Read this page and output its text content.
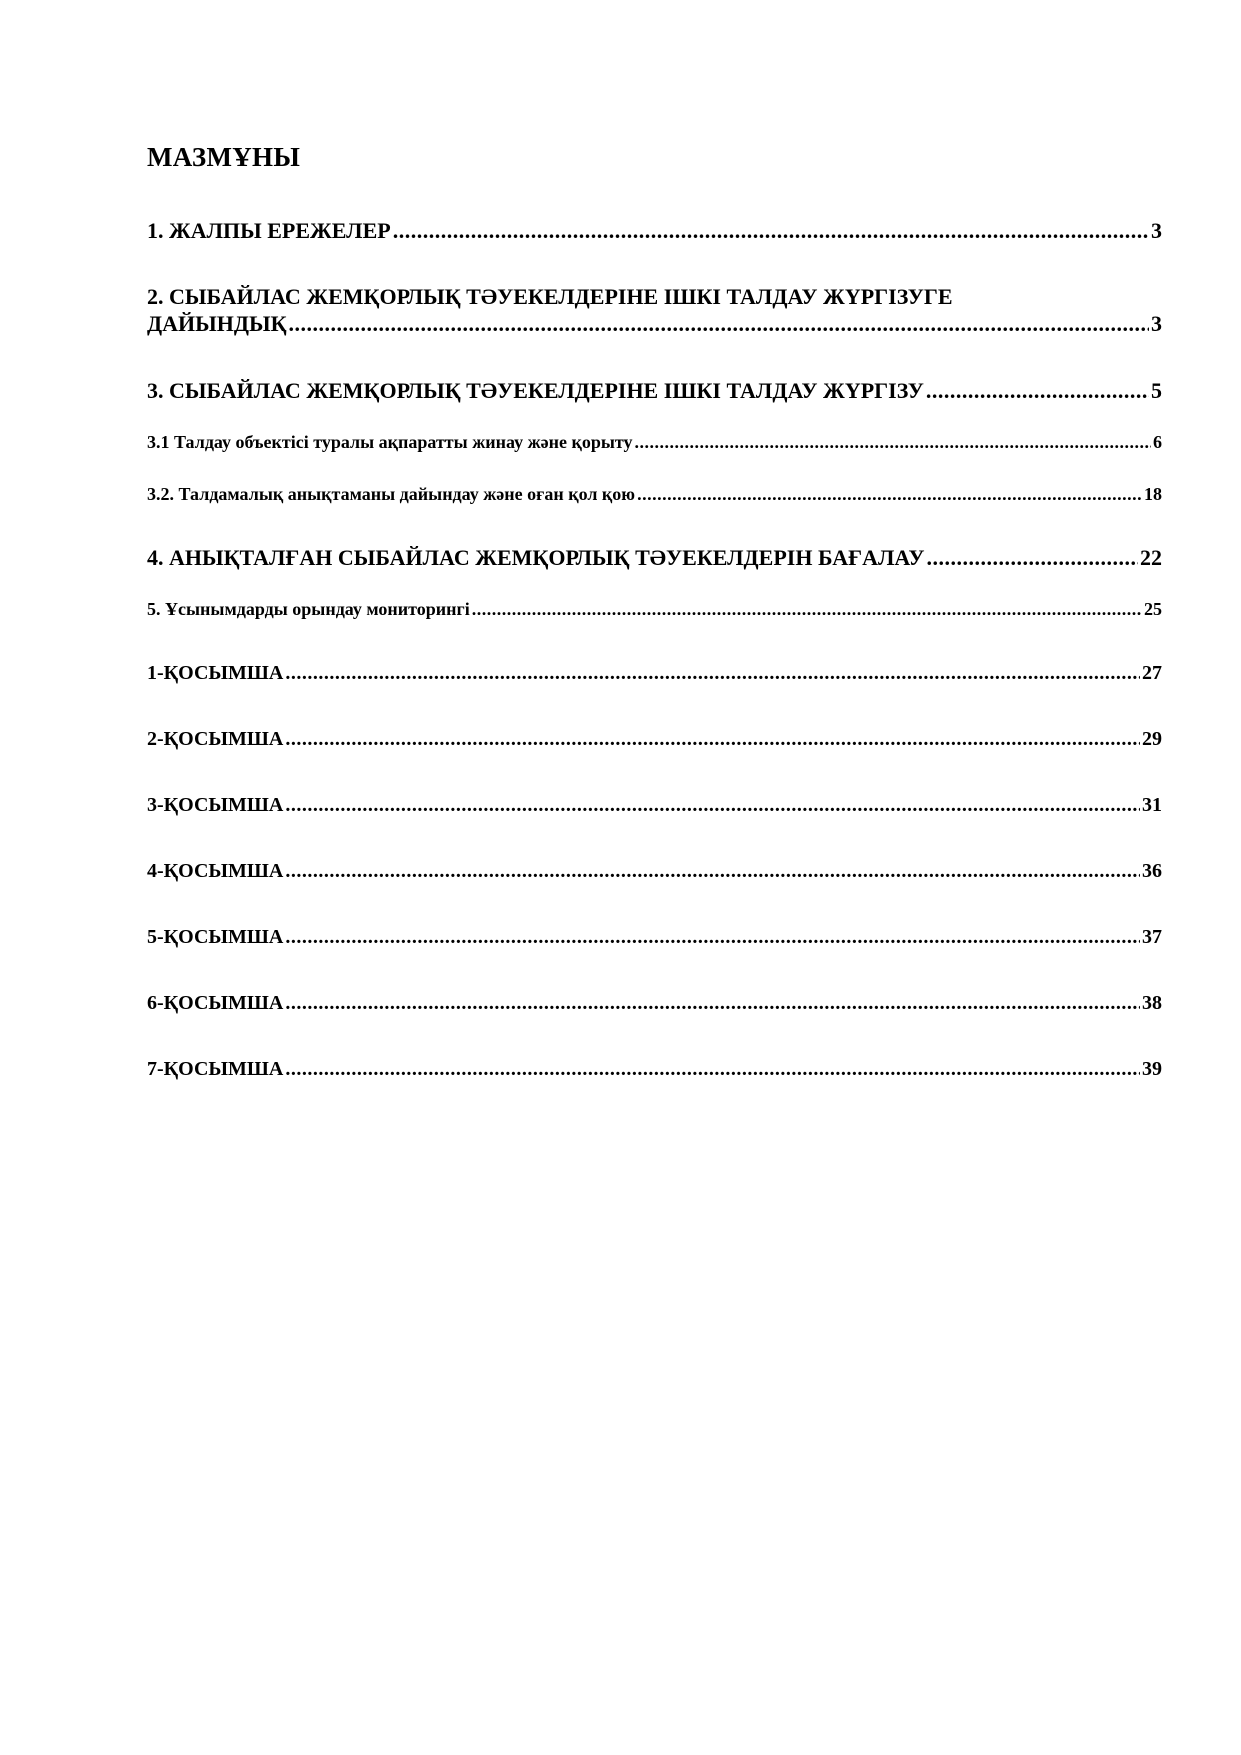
МАЗМҰНЫ
1. ЖАЛПЫ ЕРЕЖЕЛЕР .....	3
2. СЫБАЙЛАС ЖЕМҚОРЛЫҚ ТӘУЕКЕЛДЕРІНЕ ІШКІ ТАЛДАУ ЖҮРГІЗУГЕ
ДАЙЫНДЫҚ .....	3
3. СЫБАЙЛАС ЖЕМҚОРЛЫҚ ТӘУЕКЕЛДЕРІНЕ ІШКІ ТАЛДАУ ЖҮРГІЗУ .....	5
3.1 Талдау объектісі туралы ақпаратты жинау және қорыту .....	6
3.2. Талдамалық анықтаманы дайындау және оған қол қою .....	18
4. АНЫҚТАЛҒАН СЫБАЙЛАС ЖЕМҚОРЛЫҚ ТӘУЕКЕЛДЕРІН БАҒАЛАУ .....	22
5. Ұсынымдарды орындау мониторингі .....	25
1-ҚОСЫМША .....	27
2-ҚОСЫМША .....	29
3-ҚОСЫМША .....	31
4-ҚОСЫМША .....	36
5-ҚОСЫМША .....	37
6-ҚОСЫМША .....	38
7-ҚОСЫМША .....	39
